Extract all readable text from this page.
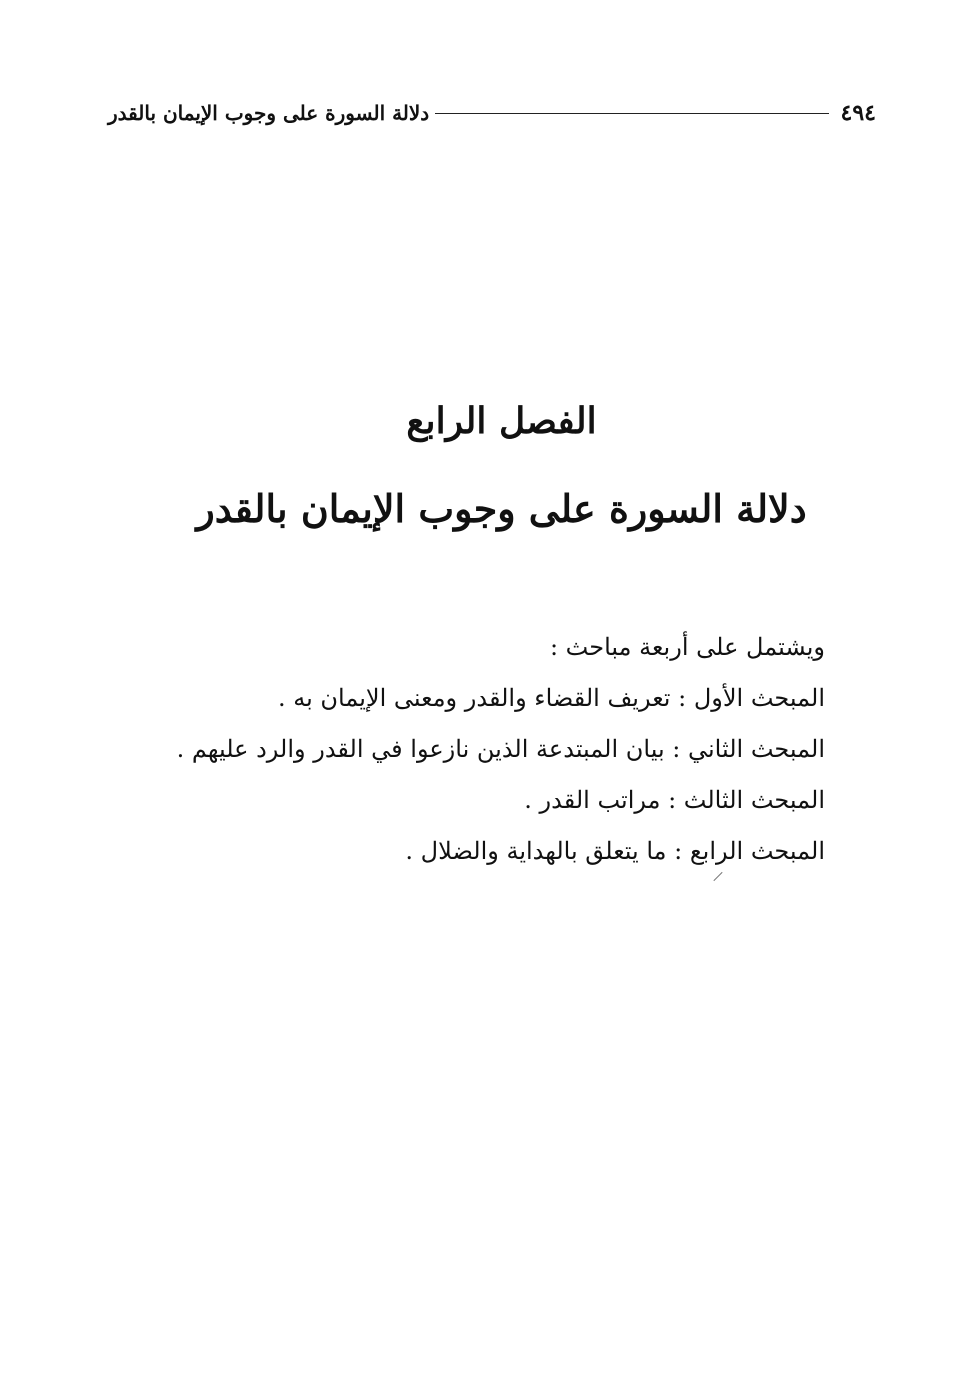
٤٩٤
دلالة السورة على وجوب الإيمان بالقدر
الفصل الرابع
دلالة السورة على وجوب الإيمان بالقدر
ويشتمل على أربعة مباحث :
المبحث الأول : تعريف القضاء والقدر ومعنى الإيمان به .
المبحث الثاني : بيان المبتدعة الذين نازعوا في القدر والرد عليهم .
المبحث الثالث : مراتب القدر .
المبحث الرابع : ما يتعلق بالهداية والضلال .
